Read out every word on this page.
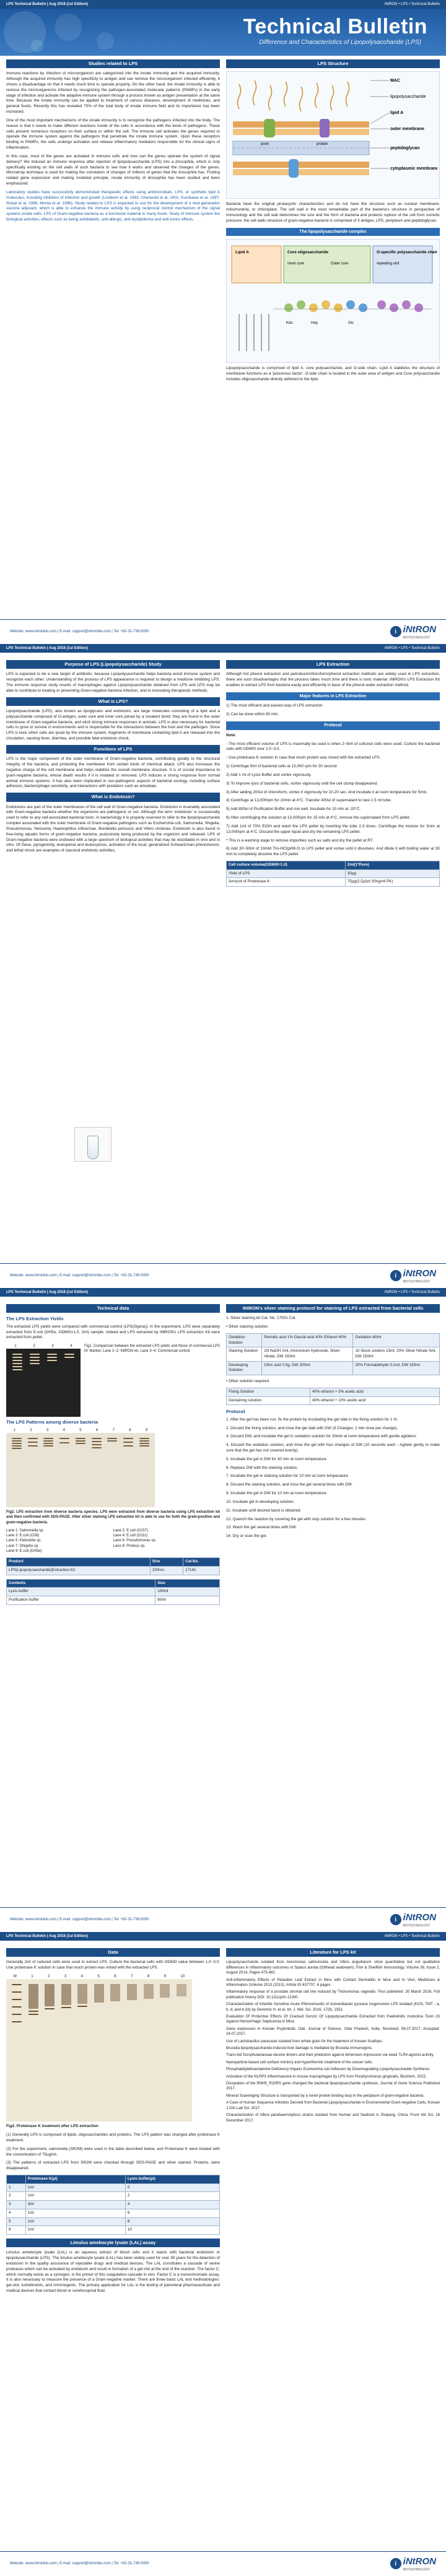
LPS Technical Bulletin | Aug 2018 (1st Edition)	iNtRON • LPS • Technical Bulletin
Technical Bulletin
Difference and Characteristics of Lipopolysaccharide (LPS)
Studies related to LPS

Immune reactions by infection of microorganism are categorized into the innate immunity and the acquired immunity. Although the acquired immunity has high specificity to antigen and can remove the microorganism infected efficiently, it shows a disadvantage on that it needs much time to operate properly. On the other hand, the innate immunity is able to remove the microorganisms infected by recognizing the pathogen-associated molecular patterns (PAMPs) in the early stage of infection and activate the adaptive immune system through a process known as antigen presentation at the same time. Because the innate immunity can be applied to treatment of various diseases, development of medicines, and general foods. Recently this has revealed 70% of the total body of innate immune field and its importance has been increased.

One of the most important mechanisms of the innate immunity is to recognize the pathogens infected into the body. The reason is that it needs to make different reactions inside of the cells in accordance with the kinds of pathogens. These cells present numerous receptors on their surface or within the cell. The immune cell activates the genes required to operate the immune system against the pathogens that penetrate the innate immune system. Upon these receptors binding to PAMPs, the cells undergo activation and release inflammatory mediators responsible for the clinical signs of inflammation.

In this case, most of the genes are activated in immune cells and how can the genes operate the system of signal delivery? We induced an immune response after injection of lipopolysaccharide (LPS) into a drosophila, which is only specifically existing on the cell walls of such bacteria to see how it works and observed the changes of the genes. Microarray technique is used for making the correlation of changes of millions of genes that the drosophila has. Finding related gene expression and making modeled principle, innate immunity of drosophila has been studied and been emphasized.

Laboratory studies have successfully demonstrated therapeutic effects using antimicrobials, LPS, or synthetic lipid A molecules, including inhibition of infection and growth (Lindbom et al. 1993; Chenwold et al. 2001; Kurokawa et al. 1997; Sinkai et al. 1996; Monta et al. 1996). Study related to LPS is expected to use for the development of a next-generation vaccine adjuvant, which is able to enhance the immune activity by using reciprocal control mechanism of the signal systems inside cells. LPS of Gram-negative bacteria as a functional material in many foods. Study of immune system the biological activities, effects such as being antidiabetic, anti-allergic, anti-dyslipidemia and anti-tumor effects.

LPS Structure
MAC
lipopolysaccharide
lipid A
outer membrane
peptidoglycan
cytoplasmic membrane
porin	protein

Bacteria have the original prokaryotic characteristics and do not have the structure such as nuclear membrane, mitochondria, or chloroplast. The cell wall is the most remarkable part of the bacteria's structure in perspective of immunology and the cell wall determines the size and the form of bacteria and protects rupture of the cell from osmotic pressure; the cell walls structure of gram-negative bacteria is comprised of 3 antigen, LPS, periplasm and peptidoglycan.

The lipopolysaccharide complex
Lipid A	Core oligosaccharide	O-specific polysaccharide chain
Inner core	Outer core	repeating unit
Kdo	Hep	Glc

Lipopolysaccharide is comprised of lipid A, core polysaccharide, and O-side chain. Lipid A stabilizes the structure of membrane functions as a 'poisonous factor'. O-side chain is located in the outer area of antigen and Core polysaccharide includes oligosaccharide directly adhered to the lipid.

Website: www.intronbio.com | E-mail: support@intronbio.com | Tel: +82-31-739-5000	i iNtRON
BIOTECHNOLOGY
LPS Technical Bulletin | Aug 2018 (1st Edition)	iNtRON • LPS • Technical Bulletin
Purpose of LPS (Lipopolysaccharide) Study

LPS is expected to be a new target of antibiotic, because Lipopolysaccharide helps bacteria avoid immune system and recognize each other. Understanding of the process of LPS appearance is required to design a medicine inhibiting LPS. The immune response study results of macrophages against Lipopolysaccharide obtained from LPS and LPS may be able to contribute to treating or preventing Gram-negative bacteria infection, and to innovating therapeutic methods.

What is LPS?

Lipopolysaccharide (LPS), also known as lipoglycans and endotoxin, are large molecules consisting of a lipid and a polysaccharide composed of O-antigen, outer core and inner core joined by a covalent bond; they are found in the outer membrane of Gram-negative bacteria, and elicit strong immune responses in animals. LPS is also necessary for bacterial cells to grow or survive in environments and is responsible for the interactions between the host and the pathogen. Since LPS is toxic when cells are lysed by the immune system, fragments of membrane containing lipid A are released into the circulation, causing fever, diarrhea, and possible fatal endotoxic shock.

Functions of LPS

LPS is the major component of the outer membrane of Gram-negative bacteria, contributing greatly to the structural integrity of the bacteria, and protecting the membrane from certain kinds of chemical attack. LPS also increases the negative charge of the cell membrane and helps stabilize the overall membrane structure. It is of crucial importance to gram-negative bacteria, whose death results if it is mutated or removed. LPS induces a strong response from normal animal immune systems. It has also been implicated in non-pathogenic aspects of bacterial ecology, including surface adhesion, bacteriophage sensitivity, and interactions with predators such as amoebae.

What is Endotoxin?

Endotoxins are part of the outer membranes of the cell wall of Gram-negative bacteria. Endotoxin is invariably associated with Gram-negative bacteria whether the organisms are pathogenic or not. Although the term 'endotoxin' is occasionally used to refer to any cell-associated bacterial toxin, in bacteriology it is properly reserved to refer to the lipopolysaccharide complex associated with the outer membrane of Gram-negative pathogens such as Escherichia coli, Salmonella, Shigella, Pseudomonas, Neisseria, Haemophilus influenzae, Bordetella pertussis and Vibrio cholerae. Endotoxin is also found in free-living aquatic forms of gram-negative bacteria, purposively being produced by the organism and released. LPS of Gram-negative bacteria were endowed with a large spectrum of biological activities that may be elucidated in vivo and in vitro. Of these, pyrogenicity, leukopenia and leukocytosis, activation of the local, generalized Schwartzman phenomenon, and lethal shock are examples of classical endotoxic activities.

LPS Extraction

Although hot phenol extraction and petroleum/chloroform/phenol extraction methods are widely used in LPS extraction, there are such disadvantages that the process takes much time and there is toxic material. iNtRON's LPS Extraction Kit enables to extract LPS from bacteria easily and efficiently in base of the phenol-water extraction method.

Major features in LPS Extraction

1) The most efficient and easiest way of LPS extraction

2) Can be done within 60 min.

Protocol

Note:

- The most efficient volume of LPS is maximally be used is when 2~5ml of cultured cells were used. Culture the bacterial cells with OD600 over 2.0~3.0.

- Use proteinase K solution in case that much protein was mixed with the extracted LPS.

1) Centrifuge 5ml of bacterial cells at 13,000 rpm for 30 second.

2) Add 1 ml of Lysis Buffer and vortex vigorously.

3) To improve lysis of bacterial cells, vortex vigorously until the cell clump disappeared.

3) After adding 200ul of chloroform, vortex it vigorously for 10-20 sec. And incubate it at room temperature for 5min.

4) Centrifuge at 13,000rpm for 10min at 4°C. Transfer 400ul of supernatant to new 1.5 ml tube.

5) Add 800ul of Purification Buffer and mix well. Incubate for 10 min at -20°C.

6) After centrifuging the solution at 13,000rpm for 15 min at 4°C, remove the supernatant from LPS pellet.

7) Add 1ml of 70% EtOH and wash the LPS pellet by inverting the tube 2-3 times. Centrifuge the mixture for 3min at 13,000rpm at 4°C. Discard the upper liquid and dry the remaining LPS pellet.

* This is a washing stage to remove impurities such as salts and dry the pellet at RT.

8) Add 30~50ml of 10mM Tris-HCl(pH8.0) to LPS pellet and vortex until it dissolves. And dilute it with boiling water at 30 min to completely dissolve the LPS pellet.

Cell culture volume(OD600=1.0)	2ml(1*Pure)
Yield of LPS	30µg
Amount of Proteinase K	75µg(2.5µl)of 30ng/ml PK)
Website: www.intronbio.com | E-mail: support@intronbio.com | Tel: +82-31-739-5000	i iNtRON
BIOTECHNOLOGY
LPS Technical Bulletin | Aug 2018 (1st Edition)	iNtRON • LPS • Technical Bulletin
Technical data
The LPS Extraction Yields

The extracted LPS yields were compared with commercial control (LPS(Sigma)). In the experiment, LPS were separately extracted from E.coli (DH5α, OD600=1.0, 2ml) sample. Indeed and LPS extracted by iNtRON's LPS extraction Kit were extracted from pellet.

1	2	3	4	Fig1. Comparison between the extracted LPS yields and those of commercial LPS M: Marker, Lane 1~2: iNtRON kit, Lane 3~4: Commercial control.

The LPS Patterns among diverse bacteria
1	2	3	4	5	6	7	8	9

Fig2. LPS extraction from diverse bacteria species. LPS were extracted from diverse bacteria using LPS extraction kit and then confirmed with SDS-PAGE. After silver staining LPS extraction kit is able to use for both the gram-positive and gram-negative bacteria.

Lane 1: Salmonella sp.	Lane 2: E.coli (O157)
Lane 3: E.coli (O26)	Lane 4: E.coli (O111)
Lane 5: Klebsiella sp.	Lane 6: Pseudomonas sp.
Lane 7: Shigella sp.	Lane 8: Proteus sp.
Lane 9: E.coli (DH5α)
Product	Size	Cat.No.
LPS(Lipopolysaccharide)Extraction Kit	100rxn	17141
Contents	Size
Lysis buffer	100ml
Purification buffer	80ml
iNtRON's silver staining protocol for staining of LPS extracted from bacterial cells

1. Silver staining kit Cat. No. 17501 Cat.

• Silver staining solution

Oxidation Solution	Periodic acid 1% Glacial acid 40% Ethanol 40%	Oxidation 60ml
Staining Solution	1N NaOH 2ml, Ammonium hydroxide, Silver nitrate, DW 150ml	10 Stock solution 15ml, 20% Silver Nitrate 5ml, DW 150ml
Developing Solution	Citric acid 0.5g, DW 200ml	20% Formaldehyde 0.1ml, DW 150ml

• Other solution required

Fixing Solution	40% ethanol + 5% acetic acid
Destaining solution	40% ethanol + 10% acetic acid
Protocol

1. After the gel has been run, fix the protein by incubating the gel slab in the fixing solution for 1 hr.

2. Discard the fixing solution, and rinse the gel slab with DW (3 Changes; 1 min rinse per change).

3. Discard DW, and incubate the gel in oxidation solution for 20min at room temperature with gentle agitation.

4. Discard the oxidation solution, and rinse the gel with four changes of DW (10 seconds each - Agitate gently to make sure that the gel has not covered evenly).

5. Incubate the gel in DW for 30 min at room temperature.

6. Replace DW with the staining solution.

7. Incubate the gel in staining solution for 10 min at room temperature.

8. Discard the staining solution, and rinse the gel several times with DW.

9. Incubate the gel in DW for 10 min at room temperature.

10. Incubate gel in developing solution.

11. Incubate until desired band is obtained.

12. Quench the reaction by covering the gel with stop solution for a few minutes.

13. Wash the gel several times with DW.

14. Dry or scan the gel.

Website: www.intronbio.com | E-mail: support@intronbio.com | Tel: +82-31-739-5000	i iNtRON
BIOTECHNOLOGY
LPS Technical Bulletin | Aug 2018 (1st Edition)	iNtRON • LPS • Technical Bulletin
Data

Generally 2ml of cultured cells were used to extract LPS. Culture the bacterial cells with OD600 value between 1.0~3.0. Use proteinase K solution in case that much protein was mixed with the extracted LPS.

M	1	2	3	4	5	6	7	8	9	10

Fig2. Proteinase K treatment after LPS extraction

(1) Generally LPS is composed of lipids, oligosaccharides and proteins. The LPS pattern was changed after proteinase K treatment.

(2) For the experiment, salmonella (SR2M) were used in the table described below, and Proteinase K were treated with the concentration of 75ug/ml.

(3) The patterns of extracted LPS from SR2M were checked through SDS-PAGE and silver stained. Proteins, were disappeared.

	Proteinase K(µl)	Lysis buffer(µl)
1	1ml	0
2	1ml	2
3	3ml	4
4	1ml	6
5	1ml	8
6	1ml	10
Limulus amebocyte lysate (LAL) assay

Limulus amebocyte lysate (LAL) is an aqueous extract of blood cells and it reacts with bacterial endotoxin or lipopolysaccharide (LPS). The limulus amebocyte lysate (LAL) has been widely used for over 30 years for the detection of endotoxin in the quality assurance of injectable drugs and medical devices. The LAL constitutes a cascade of serine proteases which can be activated by endotoxin and result in formation of a gel clot at the end of the reaction. The factor C, which normally exists as a zymogen, is the primer of this coagulation cascade in vivo. Factor C is a monochromatic assay. It is also necessary to measure the presence of a Gram-negative marker. There are three basic LAL test methodologies: gel-clot, turbidimetric, and chromogenic. The primary application for LAL is the testing of parenteral pharmaceuticals and medical devices that contact blood or cerebrospinal fluid.

Literature for LPS kit

Lipopolysaccharide isolated from Aeromonas salmonicida and Vibrio anguillarum show quantitative but not qualitative differences in inflammatory outcomes in Sparus aurata (Gilthead seabream), Fish & Shellfish Immunology, Volume 39, Issue 2, August 2014, Pages 475-482.

Anti-inflammatory Effects of Petasites Leaf Extract in Mice with Contact Dermatitis in Mice and In Vivo, Medicines & Inflammation (Volume 2013 (2013), Article ID 637707, 6 pages.

Inflammatory response of a prostate stromal cell line induced by Trichomonas vaginalis. First published: 30 March 2016, Full publication history DOI: 10.1111/pim.12300.

Characterization of Infantile Sensitive Acute Rhinosinusitis of Acinetobacter pyocera Isogenomes LPS isolated (KGS, TMT - a, b, d, and b-2d) by Genomic H. et al. Int. J. Mol. Sci. 2016, 17(9), 1551.

Evaluation Of Protective Effects Of Cracked Gonzic Of Lipopolysaccharide Extracted from Paeboinitis muloclina Toxin 23 Against Hemorrhagic Septicemia in Mice.

Gene expression in Korean Psylenbold, Oak. Journal of Science, Uttar Pradesh, India; Received: 06.07.2017; Accepted: 24.07.2017.

Use of Lactobacillus paracasei isolated from whole grain for the treatment of Korean Scallops.

Bruceila lipopolysaccharide-induced liver damage is mediated by Bruceila immunogens.

Trans-kid Scrophulariaceae-elusive drivers and their protection against dimension impression via weak TLR4 agonist activity.

Nanoparticle-based cell-surface mimicry and hyperthermic treatment of the cancer cells.

Phosphatidylethanolamine Deficiency Impairs Escherichia coli Adhesion by Downregulating Lipopolysaccharide Synthesis.

Activation of the NLRP3 inflammasome in mouse macrophages by LPS from Porphyromonas gingivalis, Biochem. 2015.

Dissipation of the RNH5_R20RS gene changed the bacterial lipopolysaccharide synthesis, Journal of Gene Science Published 2017.

Mineral Scavenging Structure is transported by a novel protein binding loop in the periplasm of gram-negative bacteria.

A Case of Human Sequence Infection Dervied from Bacterial Lipopolysaccharide in Environmental Gram-negative Cells, Korean J Clin Lab Sci. 2017.

Characterization of Vibrio parahaemolyticus strains isolated from Human and Seafood in Zhejiang, China, Front Vet Sci, 16 December 2017.

Website: www.intronbio.com | E-mail: support@intronbio.com | Tel: +82-31-739-5000	i iNtRON
BIOTECHNOLOGY
